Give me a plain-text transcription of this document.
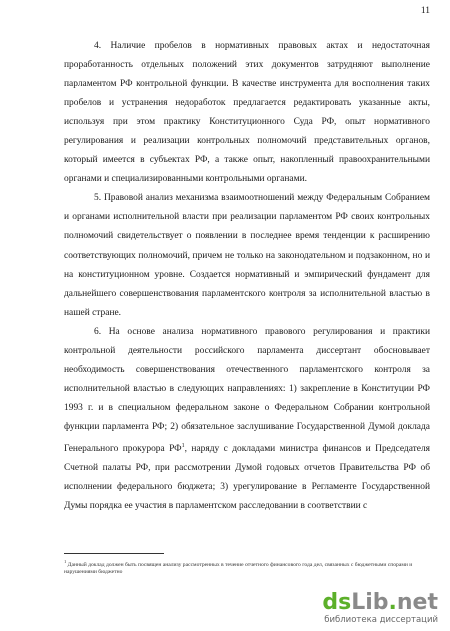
11

4. Наличие пробелов в нормативных правовых актах и недостаточная проработанность отдельных положений этих документов затрудняют выполнение парламентом РФ контрольной функции. В качестве инструмента для восполнения таких пробелов и устранения недоработок предлагается редактировать указанные акты, используя при этом практику Конституционного Суда РФ, опыт нормативного регулирования и реализации контрольных полномочий представительных органов, который имеется в субъектах РФ, а также опыт, накопленный правоохранительными органами и специализированными контрольными органами.

5. Правовой анализ механизма взаимоотношений между Федеральным Собранием и органами исполнительной власти при реализации парламентом РФ своих контрольных полномочий свидетельствует о появлении в последнее время тенденции к расширению соответствующих полномочий, причем не только на законодательном и подзаконном, но и на конституционном уровне. Создается нормативный и эмпирический фундамент для дальнейшего совершенствования парламентского контроля за исполнительной властью в нашей стране.

6. На основе анализа нормативного правового регулирования и практики контрольной деятельности российского парламента диссертант обосновывает необходимость совершенствования отечественного парламентского контроля за исполнительной властью в следующих направлениях: 1) закрепление в Конституции РФ 1993 г. и в специальном федеральном законе о Федеральном Собрании контрольной функции парламента РФ; 2) обязательное заслушивание Государственной Думой доклада Генерального прокурора $РФ^1$, наряду с докладами министра финансов и Председателя Счетной палаты РФ, при рассмотрении Думой годовых отчетов Правительства РФ об исполнении федерального бюджета; 3) урегулирование в Регламенте Государственной Думы порядка ее участия в парламентском расследовании в соответствии с

$^1$ Данный доклад должен быть посвящен анализу рассмотренных в течение отчетного финансового года дел, связанных с бюджетными спорами и нарушениями бюджетно

ds Lib . net
библиотека диссертаций
